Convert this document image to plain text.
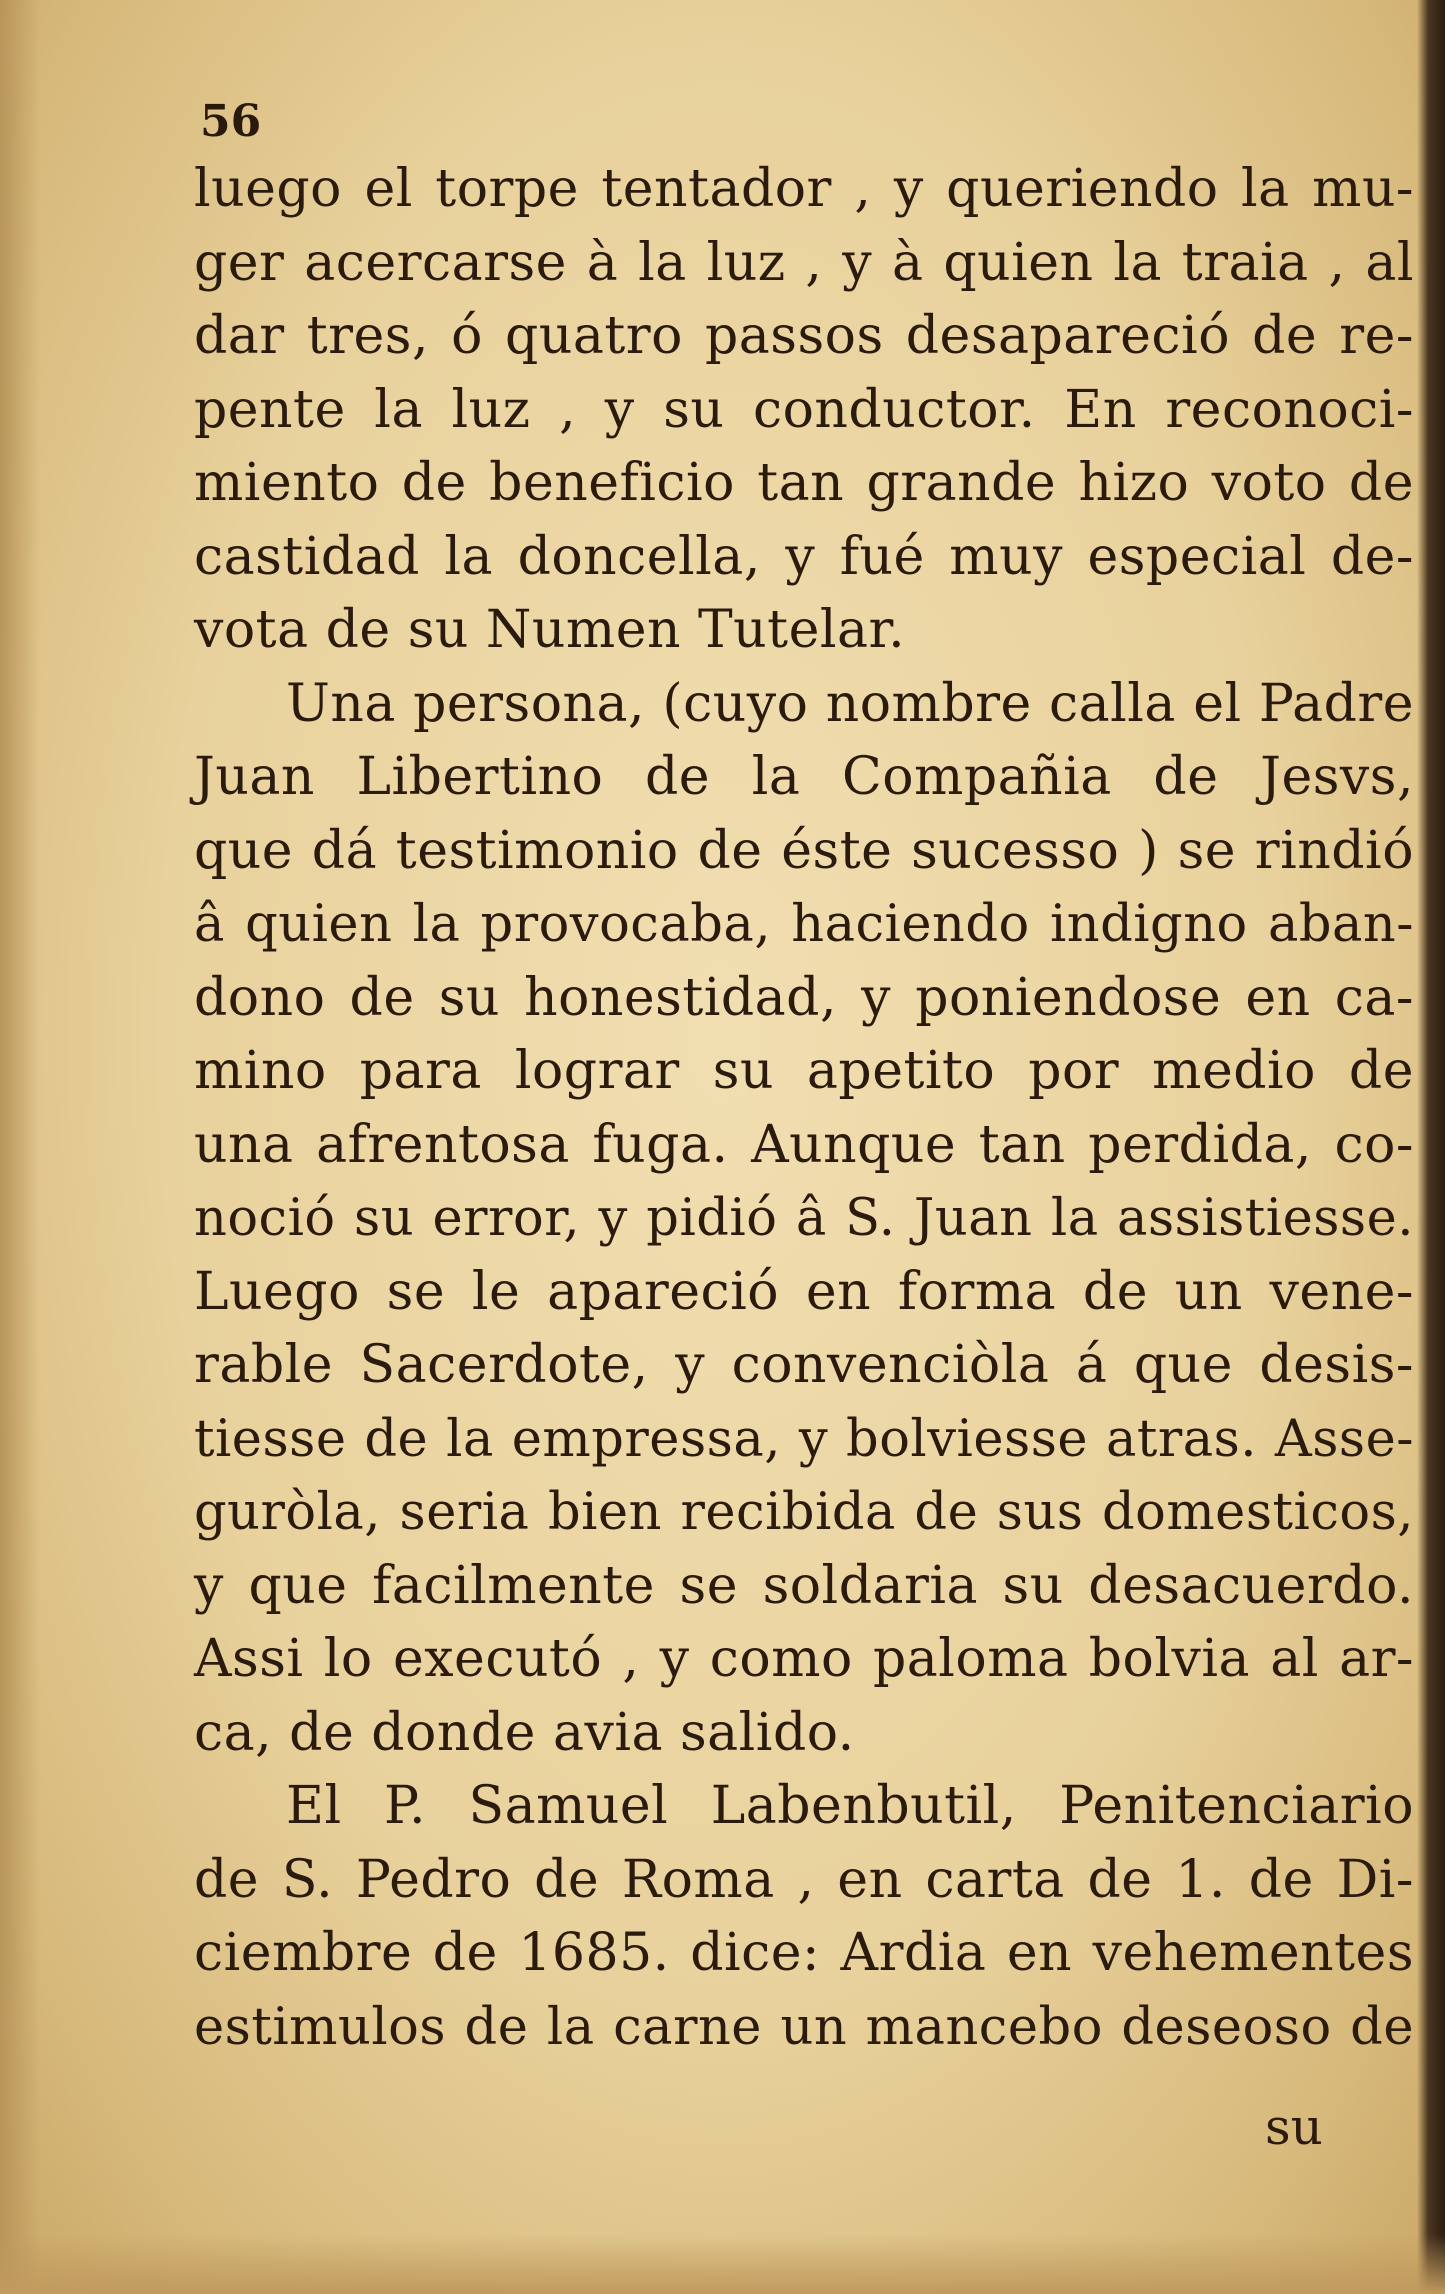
56
luego el torpe tentador , y queriendo la mu-
ger acercarse à la luz , y à quien la traia , al
dar tres, ó quatro passos desapareció de re-
pente la luz , y su conductor. En reconoci-
miento de beneficio tan grande hizo voto de
castidad la doncella, y fué muy especial de-
vota de su Numen Tutelar.
Una persona, (cuyo nombre calla el Padre
Juan Libertino de la Compañia de Jesvs,
que dá testimonio de éste sucesso ) se rindió
â quien la provocaba, haciendo indigno aban-
dono de su honestidad, y poniendose en ca-
mino para lograr su apetito por medio de
una afrentosa fuga. Aunque tan perdida, co-
noció su error, y pidió â S. Juan la assistiesse.
Luego se le apareció en forma de un vene-
rable Sacerdote, y convenciòla á que desis-
tiesse de la empressa, y bolviesse atras. Asse-
guròla, seria bien recibida de sus domesticos,
y que facilmente se soldaria su desacuerdo.
Assi lo executó , y como paloma bolvia al ar-
ca, de donde avia salido.
El P. Samuel Labenbutil, Penitenciario
de S. Pedro de Roma , en carta de 1. de Di-
ciembre de 1685. dice: Ardia en vehementes
estimulos de la carne un mancebo deseoso de
su
